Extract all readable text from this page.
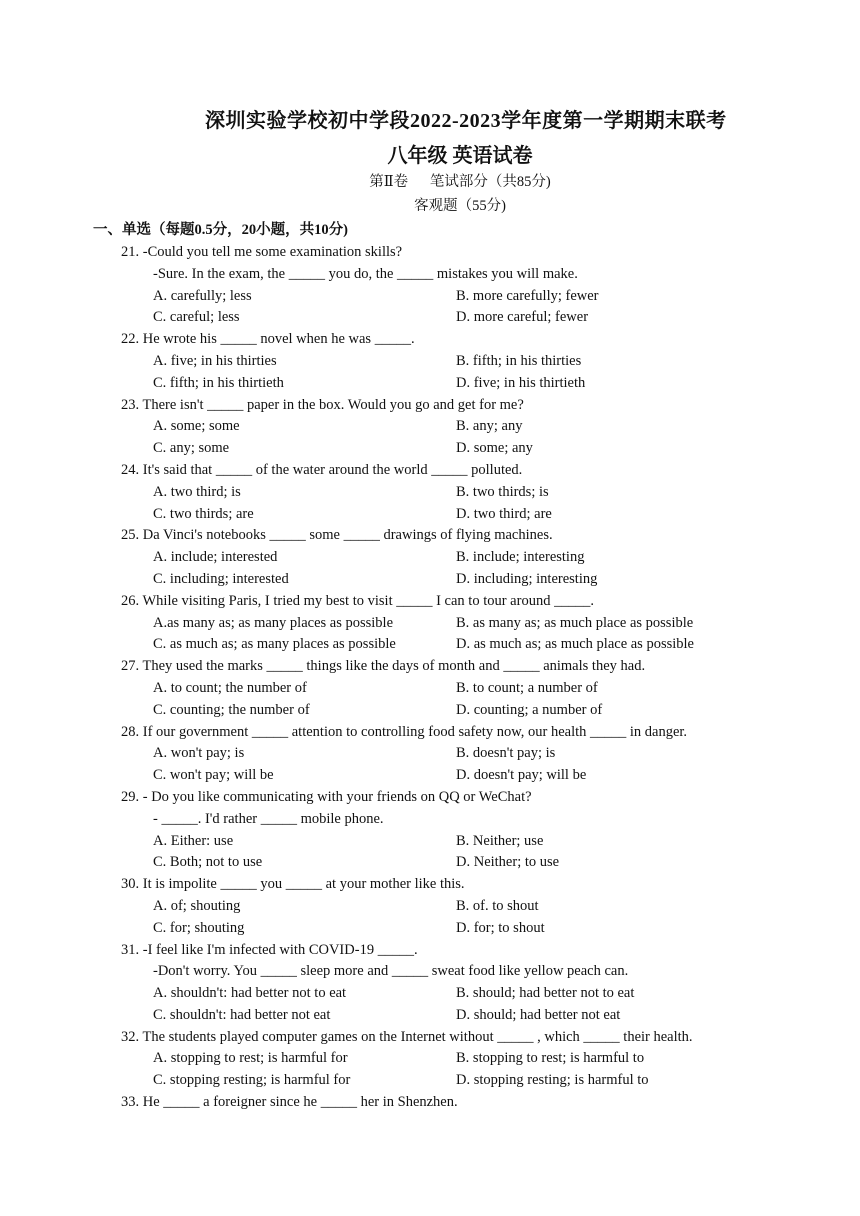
深圳实验学校初中学段2022-2023学年度第一学期期末联考
八年级 英语试卷
第Ⅱ卷      笔试部分（共85分)
客观题（55分)
一、单选（每题0.5分，20小题，共10分)
21. -Could you tell me some examination skills?
-Sure. In the exam, the _____ you do, the _____ mistakes you will make.
A. carefully; less	B. more carefully; fewer
C. careful; less	D. more careful; fewer
22. He wrote his _____ novel when he was _____.
A. five; in his thirties	B. fifth; in his thirties
C. fifth; in his thirtieth	D. five; in his thirtieth
23. There isn't _____ paper in the box. Would you go and get for me?
A. some; some	B. any; any
C. any; some	D. some; any
24. It's said that _____ of the water around the world _____ polluted.
A. two third; is	B. two thirds; is
C. two thirds; are	D. two third; are
25. Da Vinci's notebooks _____ some _____ drawings of flying machines.
A. include; interested	B. include; interesting
C. including; interested	D. including; interesting
26. While visiting Paris, I tried my best to visit _____ I can to tour around _____.
A.as many as; as many places as possible	B. as many as; as much place as possible
C. as much as; as many places as possible	D. as much as; as much place as possible
27. They used the marks _____ things like the days of month and _____ animals they had.
A. to count; the number of	B. to count; a number of
C. counting; the number of	D. counting; a number of
28. If our government _____ attention to controlling food safety now, our health _____ in danger.
A. won't pay; is	B. doesn't pay; is
C. won't pay; will be	D. doesn't pay; will be
29. - Do you like communicating with your friends on QQ or WeChat?
- _____. I'd rather _____ mobile phone.
A. Either: use	B. Neither; use
C. Both; not to use	D. Neither; to use
30. It is impolite _____ you _____ at your mother like this.
A. of; shouting	B. of. to shout
C. for; shouting	D. for; to shout
31. -I feel like I'm infected with COVID-19 _____.
-Don't worry. You _____ sleep more and _____ sweat food like yellow peach can.
A. shouldn't: had better not to eat	B. should; had better not to eat
C. shouldn't: had better not eat	D. should; had better not eat
32. The students played computer games on the Internet without _____ , which _____ their health.
A. stopping to rest; is harmful for	B. stopping to rest; is harmful to
C. stopping resting; is harmful for	D. stopping resting; is harmful to
33. He _____ a foreigner since he _____ her in Shenzhen.
